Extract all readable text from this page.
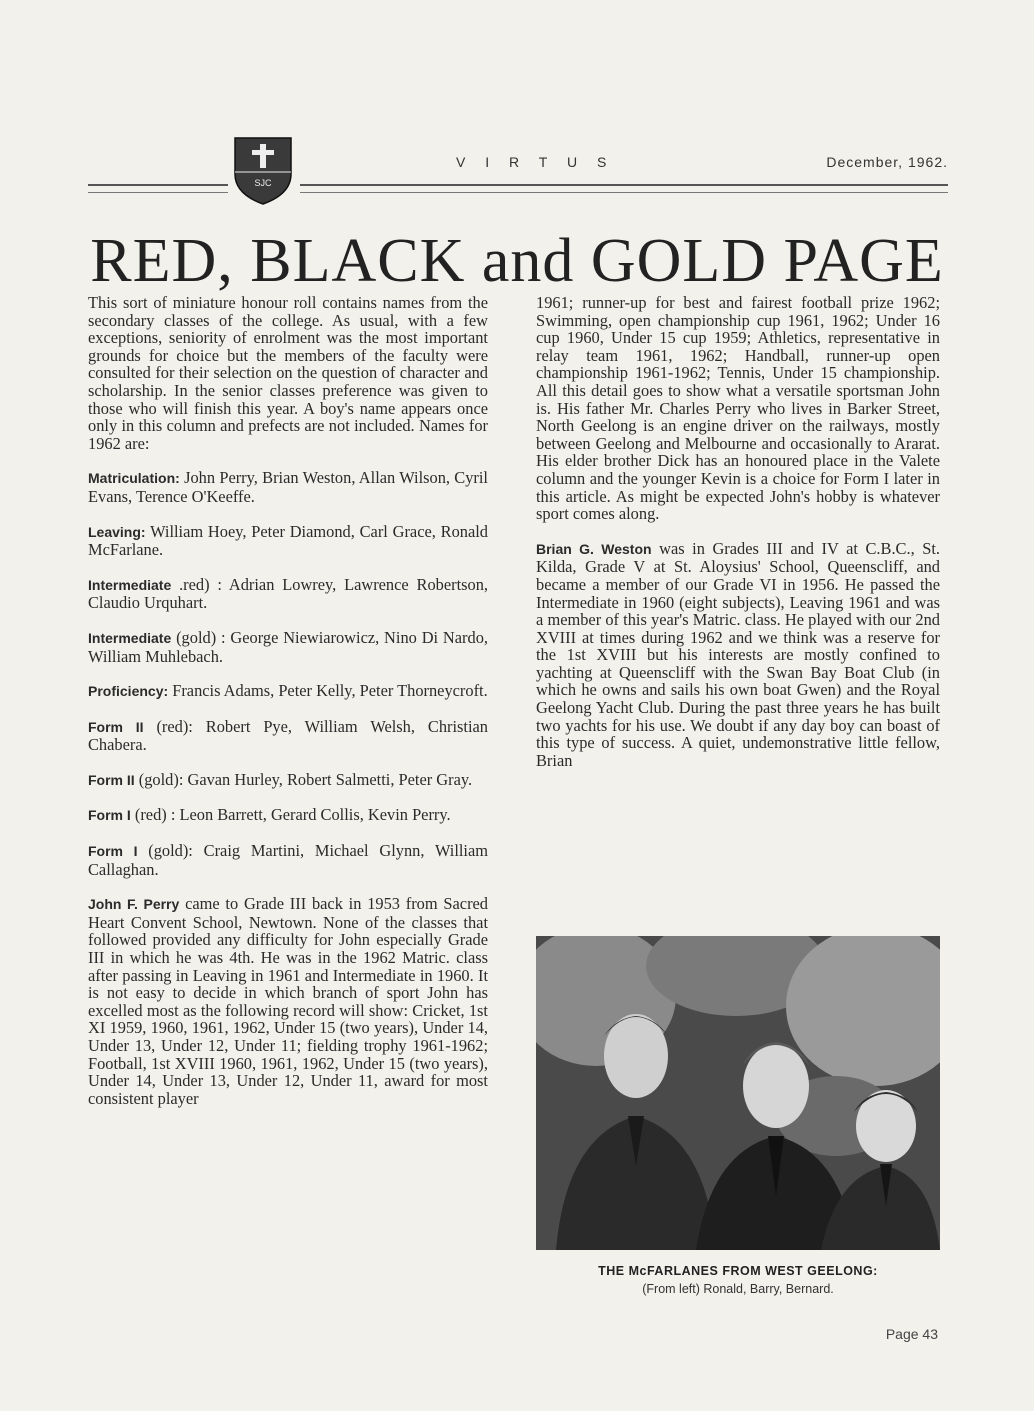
SJC
V I R T U S	December, 1962.
RED, BLACK and GOLD PAGE

This sort of miniature honour roll contains names from the secondary classes of the college. As usual, with a few exceptions, seniority of enrolment was the most important grounds for choice but the members of the faculty were consulted for their selection on the question of character and scholarship. In the senior classes preference was given to those who will finish this year. A boy's name appears once only in this column and prefects are not included. Names for 1962 are:

Matriculation: John Perry, Brian Weston, Allan Wilson, Cyril Evans, Terence O'Keeffe.

Leaving: William Hoey, Peter Diamond, Carl Grace, Ronald McFarlane.

Intermediate .red) : Adrian Lowrey, Lawrence Robertson, Claudio Urquhart.

Intermediate (gold) : George Niewiarowicz, Nino Di Nardo, William Muhlebach.

Proficiency: Francis Adams, Peter Kelly, Peter Thorneycroft.

Form II (red): Robert Pye, William Welsh, Christian Chabera.

Form II (gold): Gavan Hurley, Robert Salmetti, Peter Gray.

Form I (red) : Leon Barrett, Gerard Collis, Kevin Perry.

Form I (gold): Craig Martini, Michael Glynn, William Callaghan.

John F. Perry came to Grade III back in 1953 from Sacred Heart Convent School, Newtown. None of the classes that followed provided any difficulty for John especially Grade III in which he was 4th. He was in the 1962 Matric. class after passing in Leaving in 1961 and Intermediate in 1960. It is not easy to decide in which branch of sport John has excelled most as the following record will show: Cricket, 1st XI 1959, 1960, 1961, 1962, Under 15 (two years), Under 14, Under 13, Under 12, Under 11; fielding trophy 1961-1962; Football, 1st XVIII 1960, 1961, 1962, Under 15 (two years), Under 14, Under 13, Under 12, Under 11, award for most consistent player

1961; runner-up for best and fairest football prize 1962; Swimming, open championship cup 1961, 1962; Under 16 cup 1960, Under 15 cup 1959; Athletics, representative in relay team 1961, 1962; Handball, runner-up open championship 1961-1962; Tennis, Under 15 championship. All this detail goes to show what a versatile sportsman John is. His father Mr. Charles Perry who lives in Barker Street, North Geelong is an engine driver on the railways, mostly between Geelong and Melbourne and occasionally to Ararat. His elder brother Dick has an honoured place in the Valete column and the younger Kevin is a choice for Form I later in this article. As might be expected John's hobby is whatever sport comes along.

Brian G. Weston was in Grades III and IV at C.B.C., St. Kilda, Grade V at St. Aloysius' School, Queenscliff, and became a member of our Grade VI in 1956. He passed the Intermediate in 1960 (eight subjects), Leaving 1961 and was a member of this year's Matric. class. He played with our 2nd XVIII at times during 1962 and we think was a reserve for the 1st XVIII but his interests are mostly confined to yachting at Queenscliff with the Swan Bay Boat Club (in which he owns and sails his own boat Gwen) and the Royal Geelong Yacht Club. During the past three years he has built two yachts for his use. We doubt if any day boy can boast of this type of success. A quiet, undemonstrative little fellow, Brian

THE McFARLANES FROM WEST GEELONG:
(From left) Ronald, Barry, Bernard.
Page 43
